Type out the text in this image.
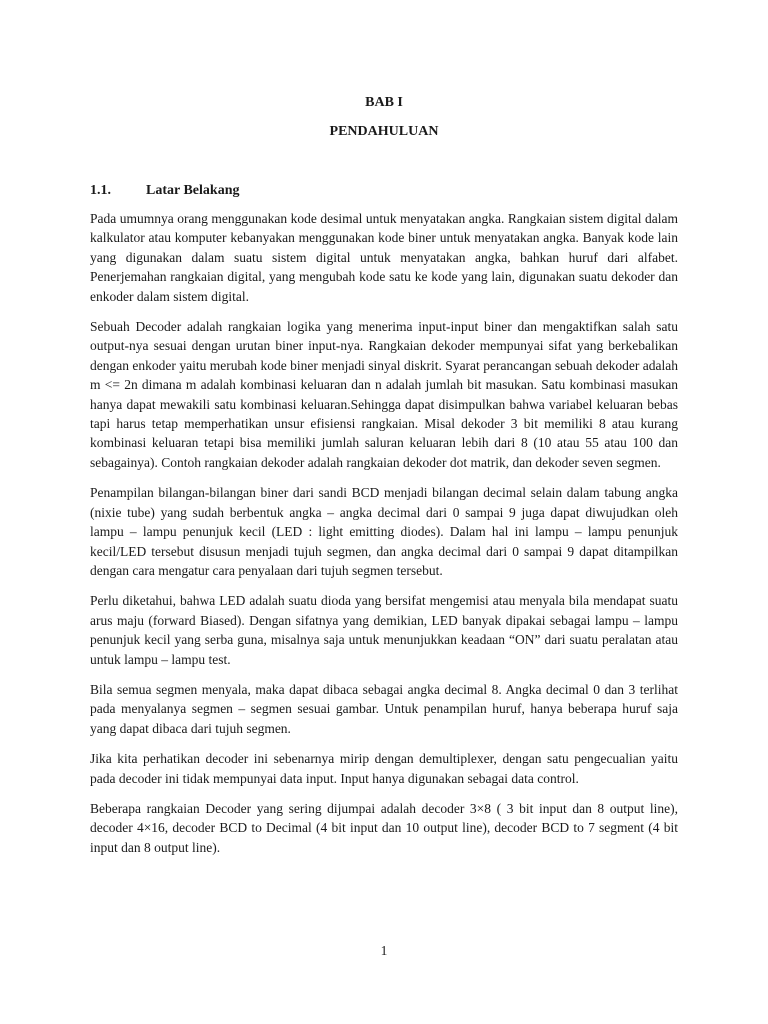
BAB I
PENDAHULUAN
1.1.	Latar Belakang

Pada umumnya orang menggunakan kode desimal untuk menyatakan angka. Rangkaian sistem digital dalam kalkulator atau komputer kebanyakan menggunakan kode biner untuk menyatakan angka. Banyak kode lain yang digunakan dalam suatu sistem digital untuk menyatakan angka, bahkan huruf dari alfabet. Penerjemahan rangkaian digital, yang mengubah kode satu ke kode yang lain, digunakan suatu dekoder dan enkoder dalam sistem digital.

Sebuah Decoder adalah rangkaian logika yang menerima input-input biner dan mengaktifkan salah satu output-nya sesuai dengan urutan biner input-nya. Rangkaian dekoder mempunyai sifat yang berkebalikan dengan enkoder yaitu merubah kode biner menjadi sinyal diskrit. Syarat perancangan sebuah dekoder adalah m <= 2n dimana m adalah kombinasi keluaran dan n adalah jumlah bit masukan. Satu kombinasi masukan hanya dapat mewakili satu kombinasi keluaran.Sehingga dapat disimpulkan bahwa variabel keluaran bebas tapi harus tetap memperhatikan unsur efisiensi rangkaian. Misal dekoder 3 bit memiliki 8 atau kurang kombinasi keluaran tetapi bisa memiliki jumlah saluran keluaran lebih dari 8 (10 atau 55 atau 100 dan sebagainya). Contoh rangkaian dekoder adalah rangkaian dekoder dot matrik, dan dekoder seven segmen.

Penampilan bilangan-bilangan biner dari sandi BCD menjadi bilangan decimal selain dalam tabung angka (nixie tube) yang sudah berbentuk angka – angka decimal dari 0 sampai 9 juga dapat diwujudkan oleh lampu – lampu penunjuk kecil (LED : light emitting diodes). Dalam hal ini lampu – lampu penunjuk kecil/LED tersebut disusun menjadi tujuh segmen, dan angka decimal dari 0 sampai 9 dapat ditampilkan dengan cara mengatur cara penyalaan dari tujuh segmen tersebut.

Perlu diketahui, bahwa LED adalah suatu dioda yang bersifat mengemisi atau menyala bila mendapat suatu arus maju (forward Biased). Dengan sifatnya yang demikian, LED banyak dipakai sebagai lampu – lampu penunjuk kecil yang serba guna, misalnya saja untuk menunjukkan keadaan “ON” dari suatu peralatan atau untuk lampu – lampu test.

Bila semua segmen menyala, maka dapat dibaca sebagai angka decimal 8. Angka decimal 0 dan 3 terlihat pada menyalanya segmen – segmen sesuai gambar. Untuk penampilan huruf, hanya beberapa huruf saja yang dapat dibaca dari tujuh segmen.

Jika kita perhatikan decoder ini sebenarnya mirip dengan demultiplexer, dengan satu pengecualian yaitu pada decoder ini tidak mempunyai data input. Input hanya digunakan sebagai data control.

Beberapa rangkaian Decoder yang sering dijumpai adalah decoder 3×8 ( 3 bit input dan 8 output line), decoder 4×16, decoder BCD to Decimal (4 bit input dan 10 output line), decoder BCD to 7 segment (4 bit input dan 8 output line).

1
